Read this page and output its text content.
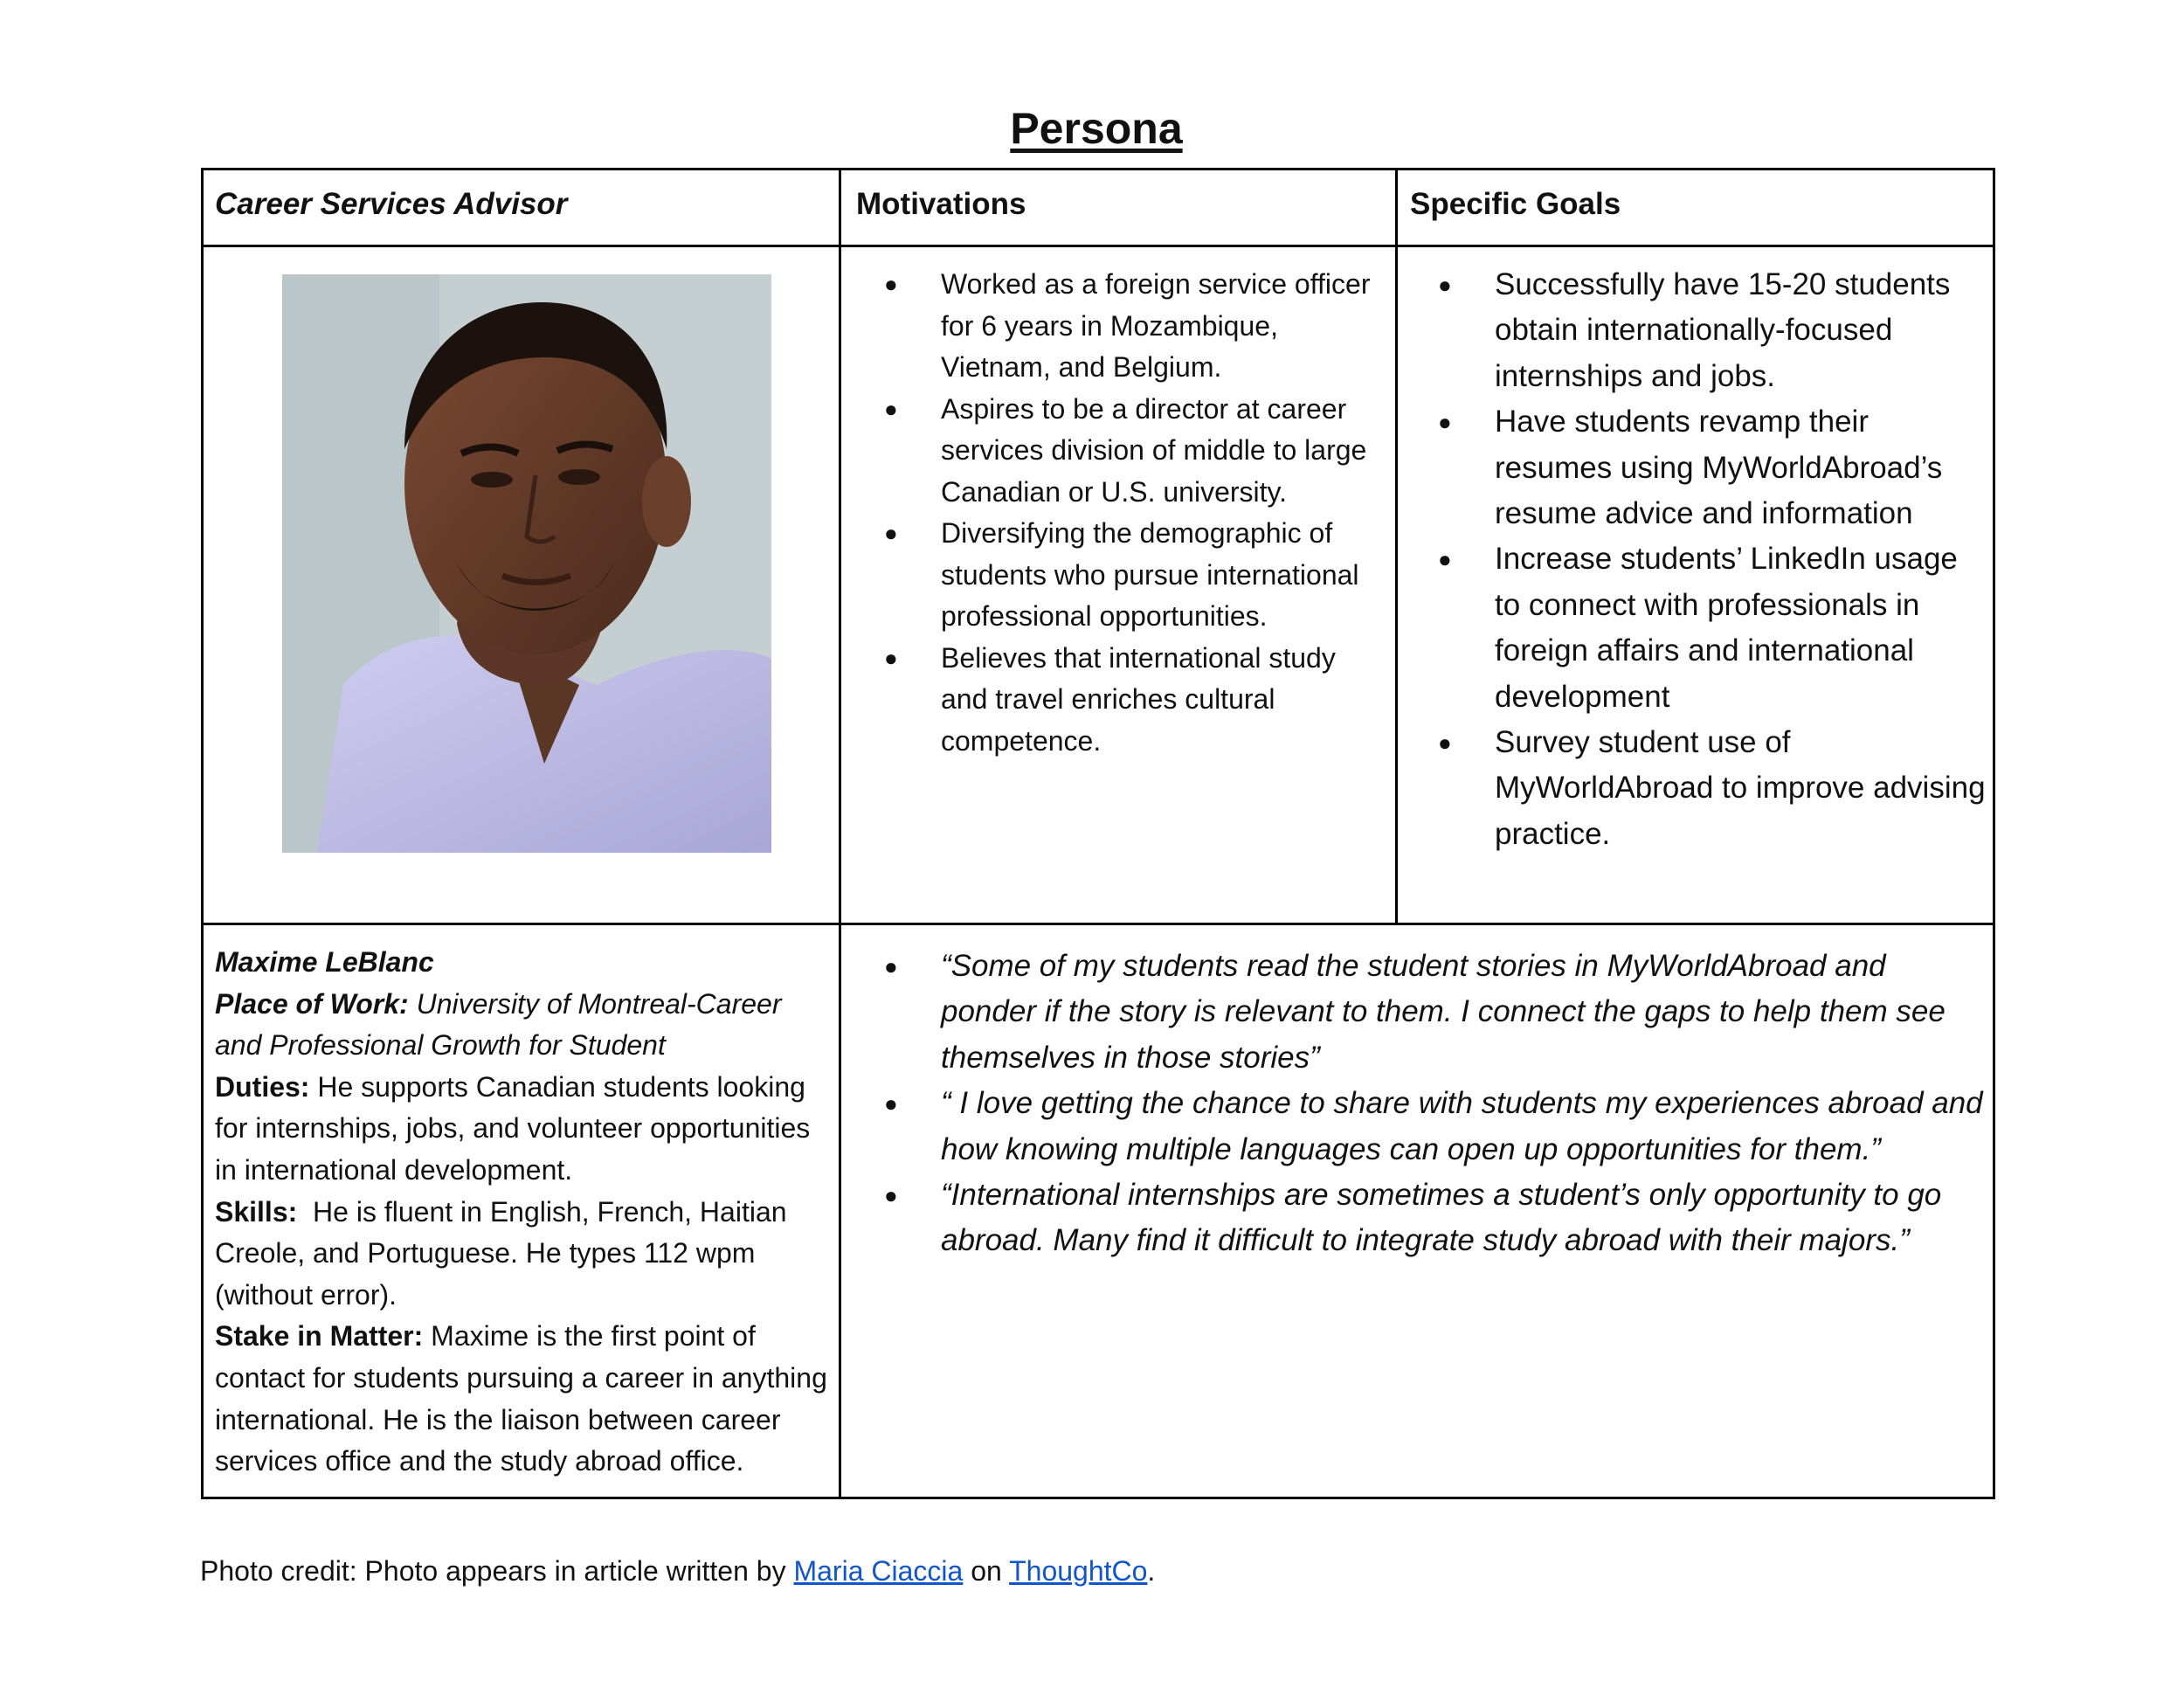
Persona
Career Services Advisor	Motivations	Specific Goals
● Worked as a foreign service officer for 6 years in Mozambique, Vietnam, and Belgium.
● Aspires to be a director at career services division of middle to large Canadian or U.S. university.
● Diversifying the demographic of students who pursue international professional opportunities.
● Believes that international study and travel enriches cultural competence.
● Successfully have 15-20 students obtain internationally-focused internships and jobs.
● Have students revamp their resumes using MyWorldAbroad’s resume advice and information
● Increase students’ LinkedIn usage to connect with professionals in foreign affairs and international development
● Survey student use of MyWorldAbroad to improve advising practice.
Maxime LeBlanc
Place of Work: University of Montreal-Career and Professional Growth for Student
Duties: He supports Canadian students looking for internships, jobs, and volunteer opportunities in international development.
Skills: He is fluent in English, French, Haitian Creole, and Portuguese. He types 112 wpm (without error).
Stake in Matter: Maxime is the first point of contact for students pursuing a career in anything international. He is the liaison between career services office and the study abroad office.
● “Some of my students read the student stories in MyWorldAbroad and ponder if the story is relevant to them. I connect the gaps to help them see themselves in those stories”
● “ I love getting the chance to share with students my experiences abroad and how knowing multiple languages can open up opportunities for them.”
● “International internships are sometimes a student’s only opportunity to go abroad. Many find it difficult to integrate study abroad with their majors.”
Photo credit: Photo appears in article written by Maria Ciaccia on ThoughtCo.
